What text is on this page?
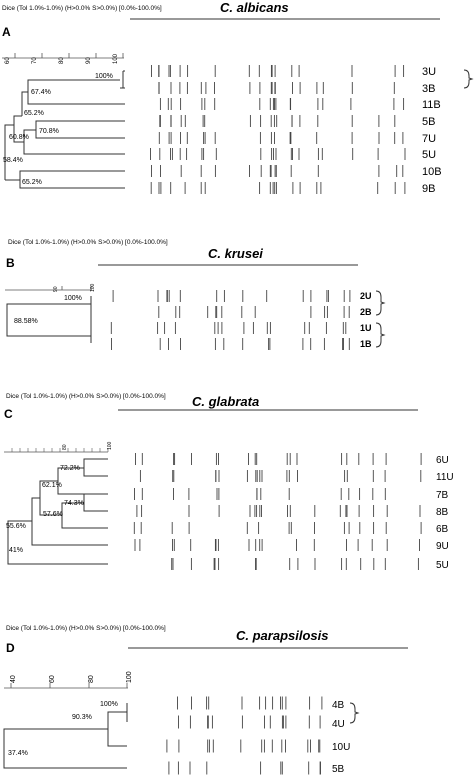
Dice (Tol 1.0%-1.0%) (H>0.0% S>0.0%) [0.0%-100.0%]	C. albicans
A
60	70	80	90	100
100%
67.4%
65.2%
70.8%
60.8%
58.4%
65.2%
3U
3B
11B
5B
7U
5U
10B
9B
Dice (Tol 1.0%-1.0%) (H>0.0% S>0.0%) [0.0%-100.0%]
C. krusei
B
90	100
100%
88.58%
2U
2B
1U
1B
Dice (Tol 1.0%-1.0%) (H>0.0% S>0.0%) [0.0%-100.0%] C. glabrata
C
80	100
72.2%
62.1%
74.3%
57.6%
55.6%
41%
6U
11U
7B
8B
6B
9U
5U
Dice (Tol 1.0%-1.0%) (H>0.0% S>0.0%) [0.0%-100.0%]	C. parapsilosis
D
40	60	80	100
100%
90.3%
37.4%
4B
4U
10U
5B
